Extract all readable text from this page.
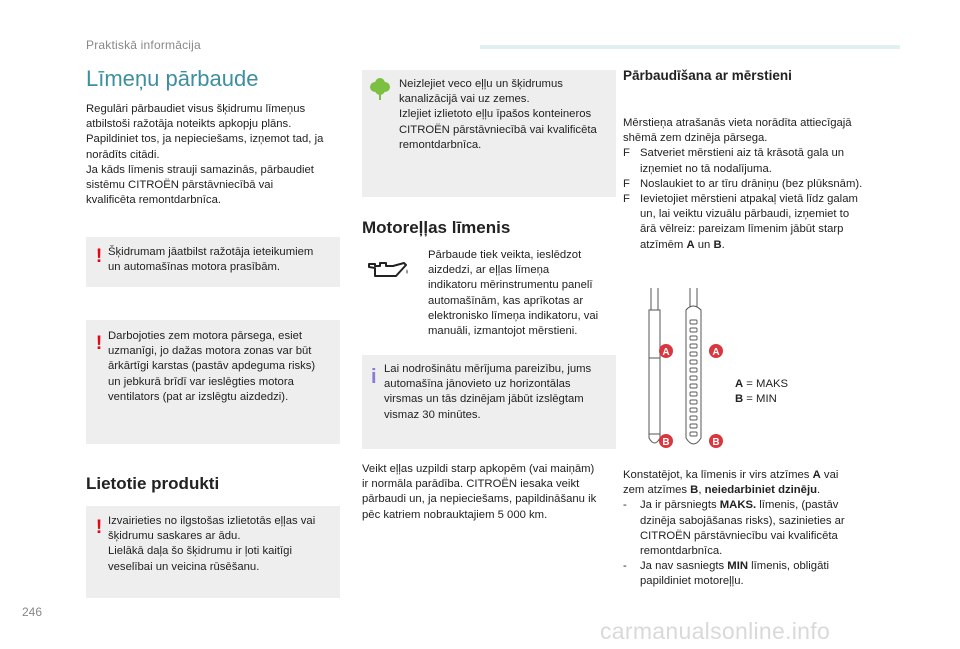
Praktiskā informācija
Līmeņu pārbaude
Regulāri pārbaudiet visus šķidrumu līmeņus
atbilstoši ražotāja noteikts apkopju plāns.
Papildiniet tos, ja nepieciešams, izņemot tad, ja
norādīts citādi.
Ja kāds līmenis strauji samazinās, pārbaudiet
sistēmu CITROËN pārstāvniecībā vai
kvalificēta remontdarbnīca.
! Šķidrumam jāatbilst ražotāja ieteikumiem
un automašīnas motora prasībām.
! Darbojoties zem motora pārsega, esiet
uzmanīgi, jo dažas motora zonas var būt
ārkārtīgi karstas (pastāv apdeguma risks)
un jebkurā brīdī var ieslēgties motora
ventilators (pat ar izslēgtu aizdedzi).
Lietotie produkti
! Izvairieties no ilgstošas izlietotās eļļas vai
šķidrumu saskares ar ādu.
Lielākā daļa šo šķidrumu ir ļoti kaitīgi
veselībai un veicina rūsēšanu.
Neizlejiet veco eļļu un šķidrumus
kanalizācijā vai uz zemes.
Izlejiet izlietoto eļļu īpašos konteineros
CITROËN pārstāvniecībā vai kvalificēta
remontdarbnīca.
Motoreļļas līmenis
Pārbaude tiek veikta, ieslēdzot
aizdedzi, ar eļļas līmeņa
indikatoru mērinstrumentu panelī
automašīnām, kas aprīkotas ar
elektronisko līmeņa indikatoru, vai
manuāli, izmantojot mērstieni.
i Lai nodrošinātu mērījuma pareizību, jums
automašīna jānovieto uz horizontālas
virsmas un tās dzinējam jābūt izslēgtam
vismaz 30 minūtes.
Veikt eļļas uzpildi starp apkopēm (vai maiņām)
ir normāla parādība. CITROËN iesaka veikt
pārbaudi un, ja nepieciešams, papildināšanu ik
pēc katriem nobrauktajiem 5 000 km.
Pārbaudīšana ar mērstieni
Mērstieņa atrašanās vieta norādīta attiecīgajā
shēmā zem dzinēja pārsega.
F Satveriet mērstieni aiz tā krāsotā gala un
izņemiet no tā nodalījuma.
F Noslaukiet to ar tīru drāniņu (bez plūksnām).
F Ievietojiet mērstieni atpakaļ vietā līdz galam
un, lai veiktu vizuālu pārbaudi, izņemiet to
ārā vēlreiz: pareizam līmenim jābūt starp
atzīmēm A un B.
A	A
B	B
A = MAKS
B = MIN
Konstatējot, ka līmenis ir virs atzīmes A vai
zem atzīmes B, neiedarbiniet dzinēju.
- Ja ir pārsniegts MAKS. līmenis, (pastāv
dzinēja sabojāšanas risks), sazinieties ar
CITROËN pārstāvniecību vai kvalificēta
remontdarbnīca.
- Ja nav sasniegts MIN līmenis, obligāti
papildiniet motoreļļu.
246
carmanualsonline.info
